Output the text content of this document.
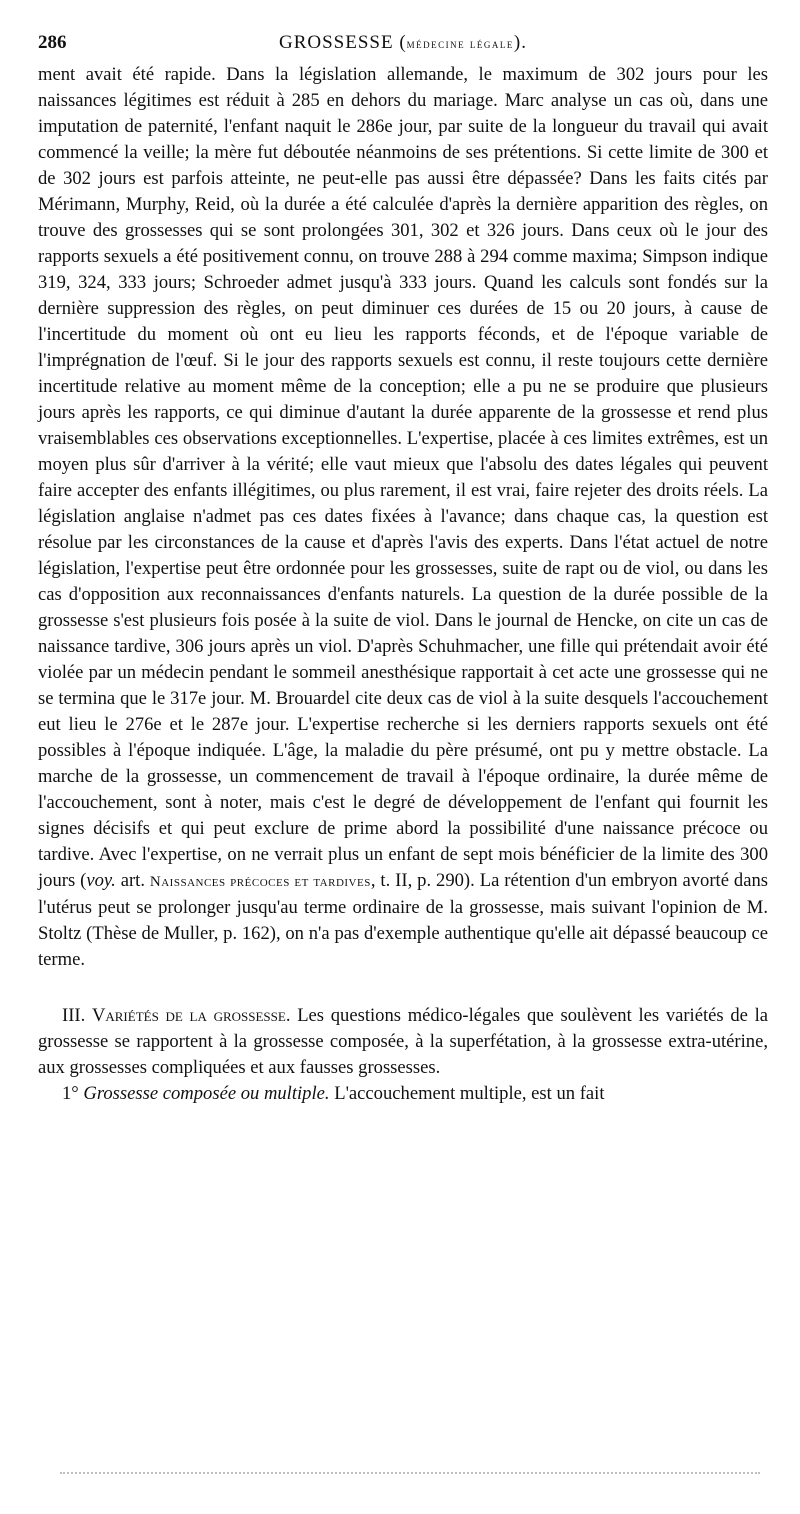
286	GROSSESSE (médecine légale).

ment avait été rapide. Dans la législation allemande, le maximum de 302 jours pour les naissances légitimes est réduit à 285 en dehors du mariage. Marc analyse un cas où, dans une imputation de paternité, l'enfant naquit le 286e jour, par suite de la longueur du travail qui avait commencé la veille; la mère fut déboutée néanmoins de ses prétentions. Si cette limite de 300 et de 302 jours est parfois atteinte, ne peut-elle pas aussi être dépassée? Dans les faits cités par Mérimann, Murphy, Reid, où la durée a été calculée d'après la dernière apparition des règles, on trouve des grossesses qui se sont prolongées 301, 302 et 326 jours. Dans ceux où le jour des rapports sexuels a été positivement connu, on trouve 288 à 294 comme maxima; Simpson indique 319, 324, 333 jours; Schroeder admet jusqu'à 333 jours. Quand les calculs sont fondés sur la dernière suppression des règles, on peut diminuer ces durées de 15 ou 20 jours, à cause de l'incertitude du moment où ont eu lieu les rapports féconds, et de l'époque variable de l'imprégnation de l'œuf. Si le jour des rapports sexuels est connu, il reste toujours cette dernière incertitude relative au moment même de la conception; elle a pu ne se produire que plusieurs jours après les rapports, ce qui diminue d'autant la durée apparente de la grossesse et rend plus vraisemblables ces observations exceptionnelles. L'expertise, placée à ces limites extrêmes, est un moyen plus sûr d'arriver à la vérité; elle vaut mieux que l'absolu des dates légales qui peuvent faire accepter des enfants illégitimes, ou plus rarement, il est vrai, faire rejeter des droits réels. La législation anglaise n'admet pas ces dates fixées à l'avance; dans chaque cas, la question est résolue par les circonstances de la cause et d'après l'avis des experts. Dans l'état actuel de notre législation, l'expertise peut être ordonnée pour les grossesses, suite de rapt ou de viol, ou dans les cas d'opposition aux reconnaissances d'enfants naturels. La question de la durée possible de la grossesse s'est plusieurs fois posée à la suite de viol. Dans le journal de Hencke, on cite un cas de naissance tardive, 306 jours après un viol. D'après Schuhmacher, une fille qui prétendait avoir été violée par un médecin pendant le sommeil anesthésique rapportait à cet acte une grossesse qui ne se termina que le 317e jour. M. Brouardel cite deux cas de viol à la suite desquels l'accouchement eut lieu le 276e et le 287e jour. L'expertise recherche si les derniers rapports sexuels ont été possibles à l'époque indiquée. L'âge, la maladie du père présumé, ont pu y mettre obstacle. La marche de la grossesse, un commencement de travail à l'époque ordinaire, la durée même de l'accouchement, sont à noter, mais c'est le degré de développement de l'enfant qui fournit les signes décisifs et qui peut exclure de prime abord la possibilité d'une naissance précoce ou tardive. Avec l'expertise, on ne verrait plus un enfant de sept mois bénéficier de la limite des 300 jours (voy. art. Naissances précoces et tardives, t. II, p. 290). La rétention d'un embryon avorté dans l'utérus peut se prolonger jusqu'au terme ordinaire de la grossesse, mais suivant l'opinion de M. Stoltz (Thèse de Muller, p. 162), on n'a pas d'exemple authentique qu'elle ait dépassé beaucoup ce terme.

III. Variétés de la grossesse. Les questions médico-légales que soulèvent les variétés de la grossesse se rapportent à la grossesse composée, à la superfétation, à la grossesse extra-utérine, aux grossesses compliquées et aux fausses grossesses.

1° Grossesse composée ou multiple. L'accouchement multiple, est un fait
